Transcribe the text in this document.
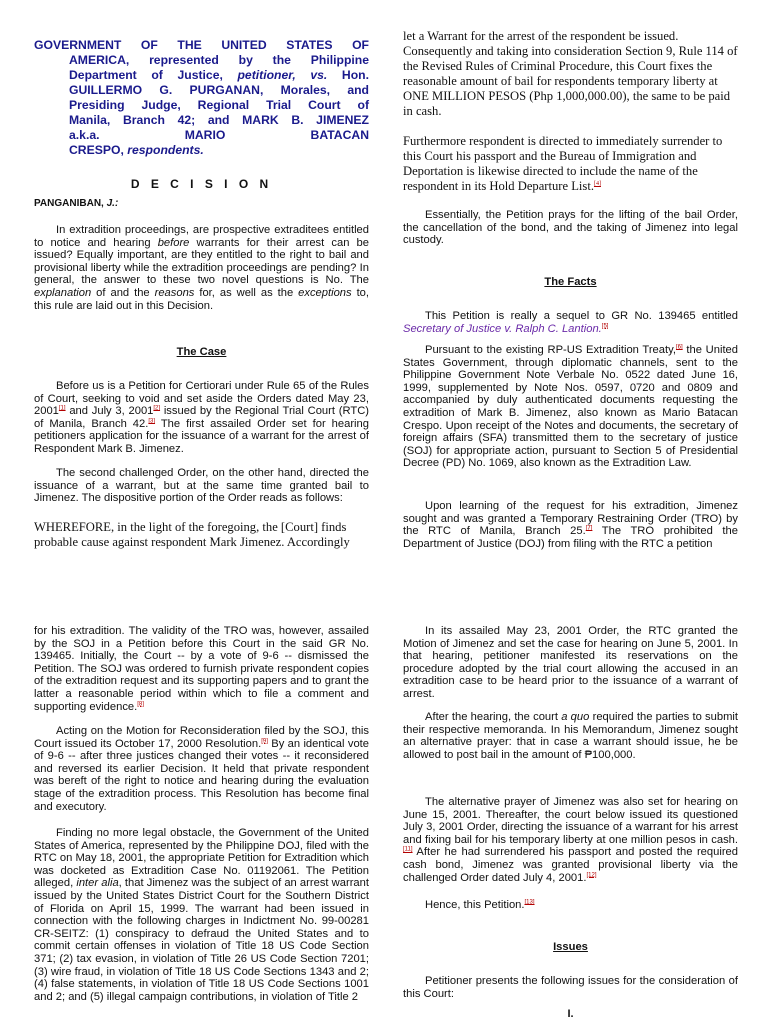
GOVERNMENT OF THE UNITED STATES OF
AMERICA, represented by the Philippine
Department of Justice, petitioner, vs. Hon.
GUILLERMO G. PURGANAN, Morales, and
Presiding Judge, Regional Trial Court of
Manila, Branch 42; and MARK B. JIMENEZ
a.k.a. MARIO BATACAN
CRESPO, respondents.
D E C I S I O N
PANGANIBAN, J.:

In extradition proceedings, are prospective extraditees entitled to notice and hearing before warrants for their arrest can be issued? Equally important, are they entitled to the right to bail and provisional liberty while the extradition proceedings are pending? In general, the answer to these two novel questions is No. The explanation of and the reasons for, as well as the exceptions to, this rule are laid out in this Decision.

The Case

Before us is a Petition for Certiorari under Rule 65 of the Rules of Court, seeking to void and set aside the Orders dated May 23, 2001[1] and July 3, 2001[2] issued by the Regional Trial Court (RTC) of Manila, Branch 42.[3] The first assailed Order set for hearing petitioners application for the issuance of a warrant for the arrest of Respondent Mark B. Jimenez.

The second challenged Order, on the other hand, directed the issuance of a warrant, but at the same time granted bail to Jimenez. The dispositive portion of the Order reads as follows:

WHEREFORE, in the light of the foregoing, the [Court] finds probable cause against respondent Mark Jimenez. Accordingly

let a Warrant for the arrest of the respondent be issued. Consequently and taking into consideration Section 9, Rule 114 of the Revised Rules of Criminal Procedure, this Court fixes the reasonable amount of bail for respondents temporary liberty at ONE MILLION PESOS (Php 1,000,000.00), the same to be paid in cash.

Furthermore respondent is directed to immediately surrender to this Court his passport and the Bureau of Immigration and Deportation is likewise directed to include the name of the respondent in its Hold Departure List.[4]

Essentially, the Petition prays for the lifting of the bail Order, the cancellation of the bond, and the taking of Jimenez into legal custody.

The Facts

This Petition is really a sequel to GR No. 139465 entitled Secretary of Justice v. Ralph C. Lantion.[5]

Pursuant to the existing RP-US Extradition Treaty,[6] the United States Government, through diplomatic channels, sent to the Philippine Government Note Verbale No. 0522 dated June 16, 1999, supplemented by Note Nos. 0597, 0720 and 0809 and accompanied by duly authenticated documents requesting the extradition of Mark B. Jimenez, also known as Mario Batacan Crespo. Upon receipt of the Notes and documents, the secretary of foreign affairs (SFA) transmitted them to the secretary of justice (SOJ) for appropriate action, pursuant to Section 5 of Presidential Decree (PD) No. 1069, also known as the Extradition Law.

Upon learning of the request for his extradition, Jimenez sought and was granted a Temporary Restraining Order (TRO) by the RTC of Manila, Branch 25.[7] The TRO prohibited the Department of Justice (DOJ) from filing with the RTC a petition

for his extradition. The validity of the TRO was, however, assailed by the SOJ in a Petition before this Court in the said GR No. 139465. Initially, the Court -- by a vote of 9-6 -- dismissed the Petition. The SOJ was ordered to furnish private respondent copies of the extradition request and its supporting papers and to grant the latter a reasonable period within which to file a comment and supporting evidence.[8]

Acting on the Motion for Reconsideration filed by the SOJ, this Court issued its October 17, 2000 Resolution.[9] By an identical vote of 9-6 -- after three justices changed their votes -- it reconsidered and reversed its earlier Decision. It held that private respondent was bereft of the right to notice and hearing during the evaluation stage of the extradition process. This Resolution has become final and executory.

Finding no more legal obstacle, the Government of the United States of America, represented by the Philippine DOJ, filed with the RTC on May 18, 2001, the appropriate Petition for Extradition which was docketed as Extradition Case No. 01192061. The Petition alleged, inter alia, that Jimenez was the subject of an arrest warrant issued by the United States District Court for the Southern District of Florida on April 15, 1999. The warrant had been issued in connection with the following charges in Indictment No. 99-00281 CR-SEITZ: (1) conspiracy to defraud the United States and to commit certain offenses in violation of Title 18 US Code Section 371; (2) tax evasion, in violation of Title 26 US Code Section 7201; (3) wire fraud, in violation of Title 18 US Code Sections 1343 and 2; (4) false statements, in violation of Title 18 US Code Sections 1001 and 2; and (5) illegal campaign contributions, in violation of Title 2

In its assailed May 23, 2001 Order, the RTC granted the Motion of Jimenez and set the case for hearing on June 5, 2001. In that hearing, petitioner manifested its reservations on the procedure adopted by the trial court allowing the accused in an extradition case to be heard prior to the issuance of a warrant of arrest.

After the hearing, the court a quo required the parties to submit their respective memoranda. In his Memorandum, Jimenez sought an alternative prayer: that in case a warrant should issue, he be allowed to post bail in the amount of ₱100,000.

The alternative prayer of Jimenez was also set for hearing on June 15, 2001. Thereafter, the court below issued its questioned July 3, 2001 Order, directing the issuance of a warrant for his arrest and fixing bail for his temporary liberty at one million pesos in cash.[11] After he had surrendered his passport and posted the required cash bond, Jimenez was granted provisional liberty via the challenged Order dated July 4, 2001.[12]

Hence, this Petition.[13]

Issues

Petitioner presents the following issues for the consideration of this Court:

I.
